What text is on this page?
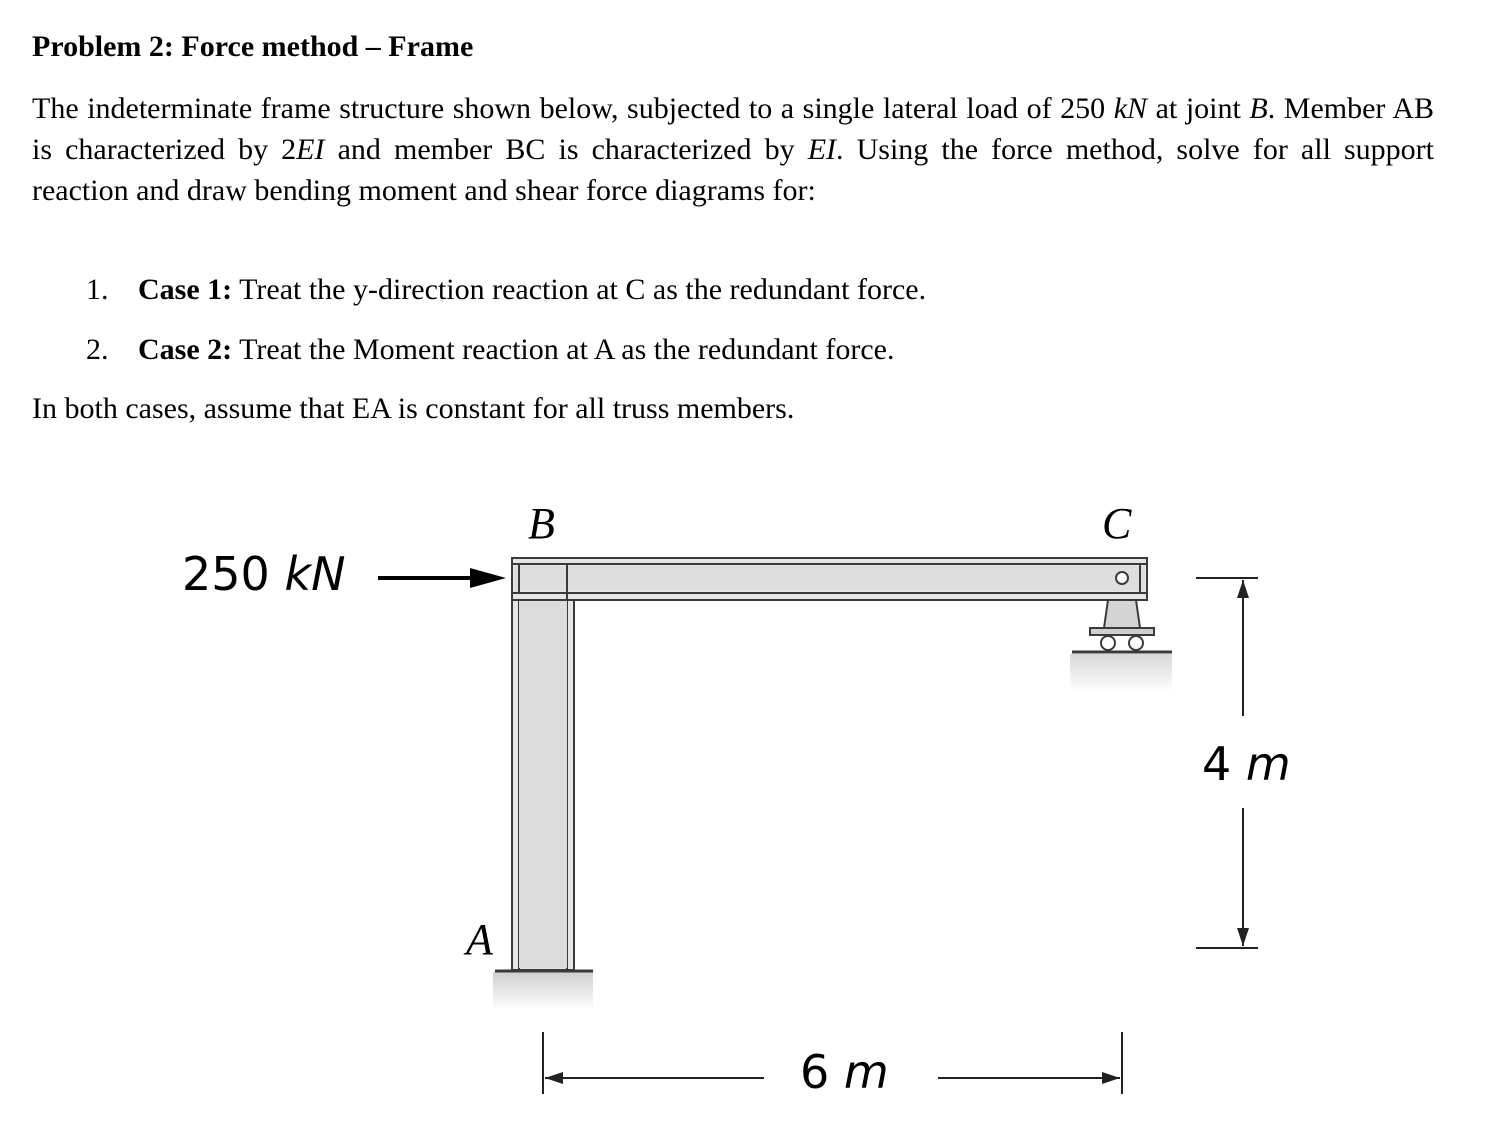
Problem 2: Force method – Frame
The indeterminate frame structure shown below, subjected to a single lateral load of 250 kN at joint B. Member AB is characterized by 2EI and member BC is characterized by EI. Using the force method, solve for all support reaction and draw bending moment and shear force diagrams for:
1. Case 1: Treat the y-direction reaction at C as the redundant force.
2. Case 2: Treat the Moment reaction at A as the redundant force.
In both cases, assume that EA is constant for all truss members.
250 kN
B	C
A
4 m
6 m
